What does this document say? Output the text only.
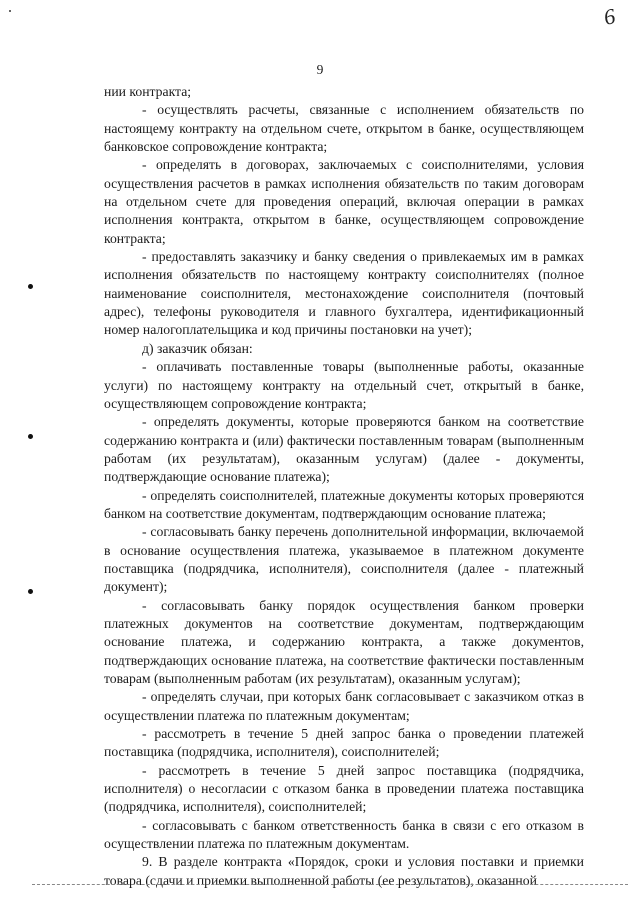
6
9

нии контракта;

- осуществлять расчеты, связанные с исполнением обязательств по настоящему контракту на отдельном счете, открытом в банке, осуществляющем банковское сопровождение контракта;

- определять в договорах, заключаемых с соисполнителями, условия осуществления расчетов в рамках исполнения обязательств по таким договорам на отдельном счете для проведения операций, включая операции в рамках исполнения контракта, открытом в банке, осуществляющем сопровождение контракта;

- предоставлять заказчику и банку сведения о привлекаемых им в рамках исполнения обязательств по настоящему контракту соисполнителях (полное наименование соисполнителя, местонахождение соисполнителя (почтовый адрес), телефоны руководителя и главного бухгалтера, идентификационный номер налогоплательщика и код причины постановки на учет);

д) заказчик обязан:

- оплачивать поставленные товары (выполненные работы, оказанные услуги) по настоящему контракту на отдельный счет, открытый в банке, осуществляющем сопровождение контракта;

- определять документы, которые проверяются банком на соответствие содержанию контракта и (или) фактически поставленным товарам (выполненным работам (их результатам), оказанным услугам) (далее - документы, подтверждающие основание платежа);

- определять соисполнителей, платежные документы которых проверяются банком на соответствие документам, подтверждающим основание платежа;

- согласовывать банку перечень дополнительной информации, включаемой в основание осуществления платежа, указываемое в платежном документе поставщика (подрядчика, исполнителя), соисполнителя (далее - платежный документ);

- согласовывать банку порядок осуществления банком проверки платежных документов на соответствие документам, подтверждающим основание платежа, и содержанию контракта, а также документов, подтверждающих основание платежа, на соответствие фактически поставленным товарам (выполненным работам (их результатам), оказанным услугам);

- определять случаи, при которых банк согласовывает с заказчиком отказ в осуществлении платежа по платежным документам;

- рассмотреть в течение 5 дней запрос банка о проведении платежей поставщика (подрядчика, исполнителя), соисполнителей;

- рассмотреть в течение 5 дней запрос поставщика (подрядчика, исполнителя) о несогласии с отказом банка в проведении платежа поставщика (подрядчика, исполнителя), соисполнителей;

- согласовывать с банком ответственность банка в связи с его отказом в осуществлении платежа по платежным документам.

9. В разделе контракта «Порядок, сроки и условия поставки и приемки товара (сдачи и приемки выполненной работы (ее результатов), оказанной
